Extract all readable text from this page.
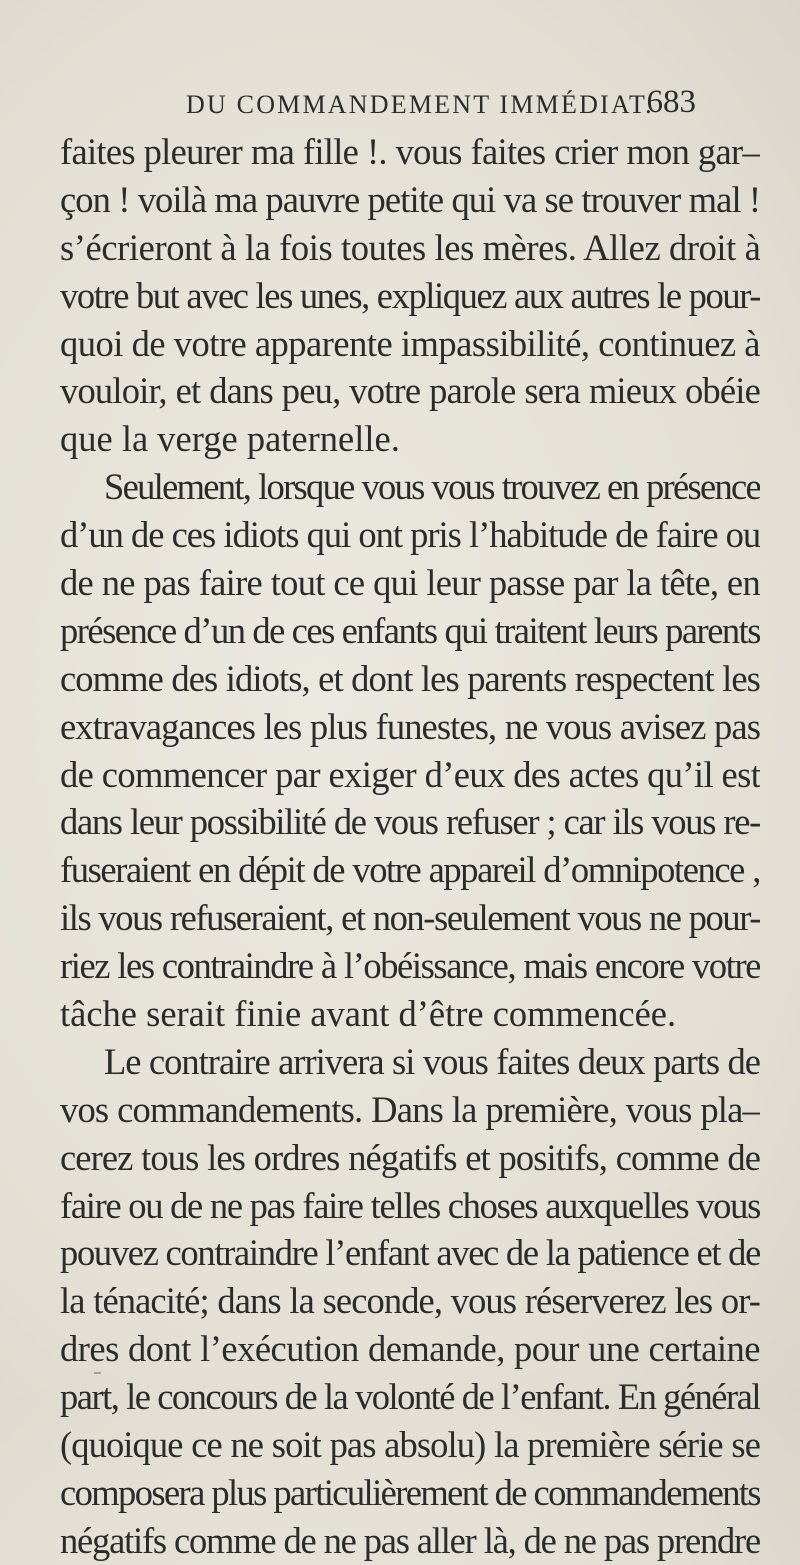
DU COMMANDEMENT IMMÉDIAT.
683
faites pleurer ma fille !. vous faites crier mon gar–
çon ! voilà ma pauvre petite qui va se trouver mal !
s’écrieront à la fois toutes les mères. Allez droit à
votre but avec les unes, expliquez aux autres le pour-
quoi de votre apparente impassibilité, continuez à
vouloir, et dans peu, votre parole sera mieux obéie
que la verge paternelle.
Seulement, lorsque vous vous trouvez en présence
d’un de ces idiots qui ont pris l’habitude de faire ou
de ne pas faire tout ce qui leur passe par la tête, en
présence d’un de ces enfants qui traitent leurs parents
comme des idiots, et dont les parents respectent les
extravagances les plus funestes, ne vous avisez pas
de commencer par exiger d’eux des actes qu’il est
dans leur possibilité de vous refuser ; car ils vous re-
fuseraient en dépit de votre appareil d’omnipotence ,
ils vous refuseraient, et non-seulement vous ne pour-
riez les contraindre à l’obéissance, mais encore votre
tâche serait finie avant d’être commencée.
Le contraire arrivera si vous faites deux parts de
vos commandements. Dans la première, vous pla–
cerez tous les ordres négatifs et positifs, comme de
faire ou de ne pas faire telles choses auxquelles vous
pouvez contraindre l’enfant avec de la patience et de
la ténacité; dans la seconde, vous réserverez les or-
dres dont l’exécution demande, pour une certaine
part, le concours de la volonté de l’enfant. En général
(quoique ce ne soit pas absolu) la première série se
composera plus particulièrement de commandements
négatifs comme de ne pas aller là, de ne pas prendre
